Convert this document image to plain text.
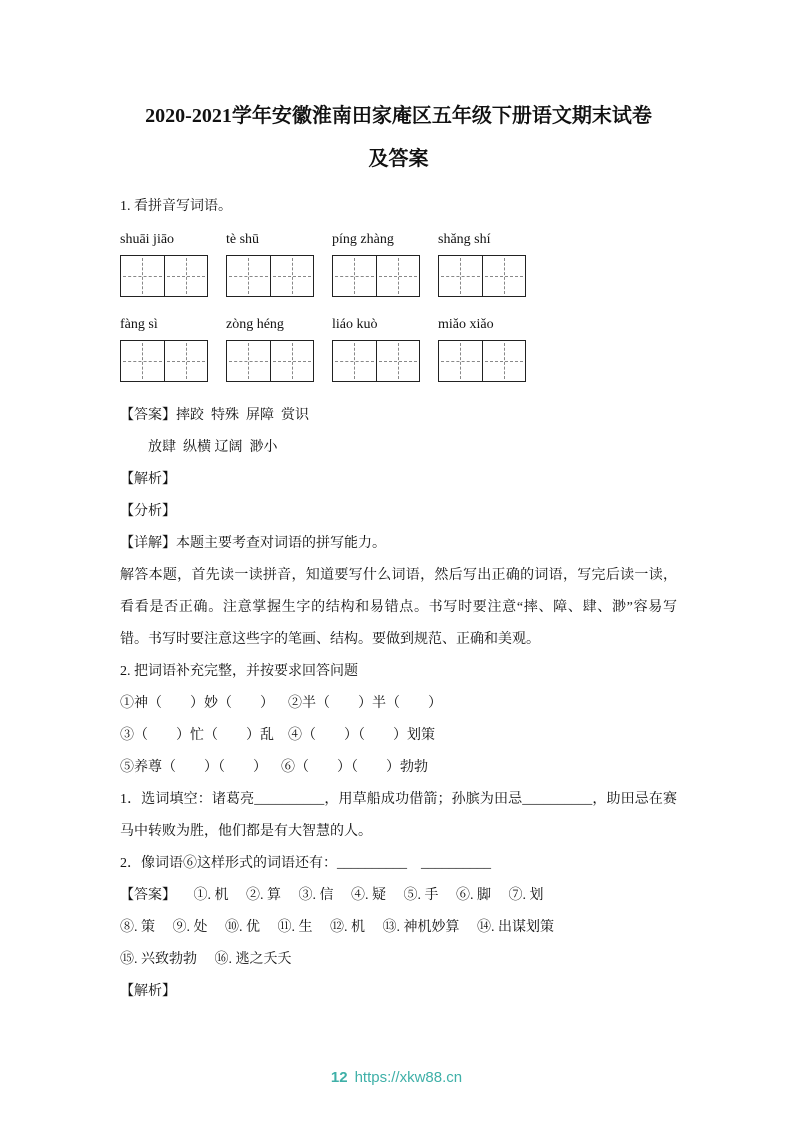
2020-2021学年安徽淮南田家庵区五年级下册语文期末试卷
及答案

1. 看拼音写词语。

shuāi jiāo	tè shū	píng zhàng	shǎng shí
fàng sì	zòng héng	liáo kuò	miǎo xiǎo

【答案】摔跤  特殊  屏障  赏识

放肆  纵横 辽阔  渺小

【解析】

【分析】

【详解】本题主要考查对词语的拼写能力。

解答本题，首先读一读拼音，知道要写什么词语，然后写出正确的词语，写完后读一读，看看是否正确。注意掌握生字的结构和易错点。书写时要注意“摔、障、肆、渺”容易写错。书写时要注意这些字的笔画、结构。要做到规范、正确和美观。

2. 把词语补充完整，并按要求回答问题

①神（        ）妙（        ）    ②半（        ）半（        ）

③（        ）忙（        ）乱    ④（        ）（        ）划策

⑤养尊（        ）（        ）    ⑥（        ）（        ）勃勃

1．选词填空：诸葛亮__________，用草船成功借箭；孙膑为田忌__________，助田忌在赛马中转败为胜，他们都是有大智慧的人。

2．像词语⑥这样形式的词语还有：__________    __________

【答案】     ①. 机     ②. 算     ③. 信     ④. 疑     ⑤. 手     ⑥. 脚     ⑦. 划

⑧. 策     ⑨. 处     ⑩. 优     ⑪. 生     ⑫. 机     ⑬. 神机妙算     ⑭. 出谋划策

⑮. 兴致勃勃     ⑯. 逃之夭夭

【解析】

12 https://xkw88.cn
